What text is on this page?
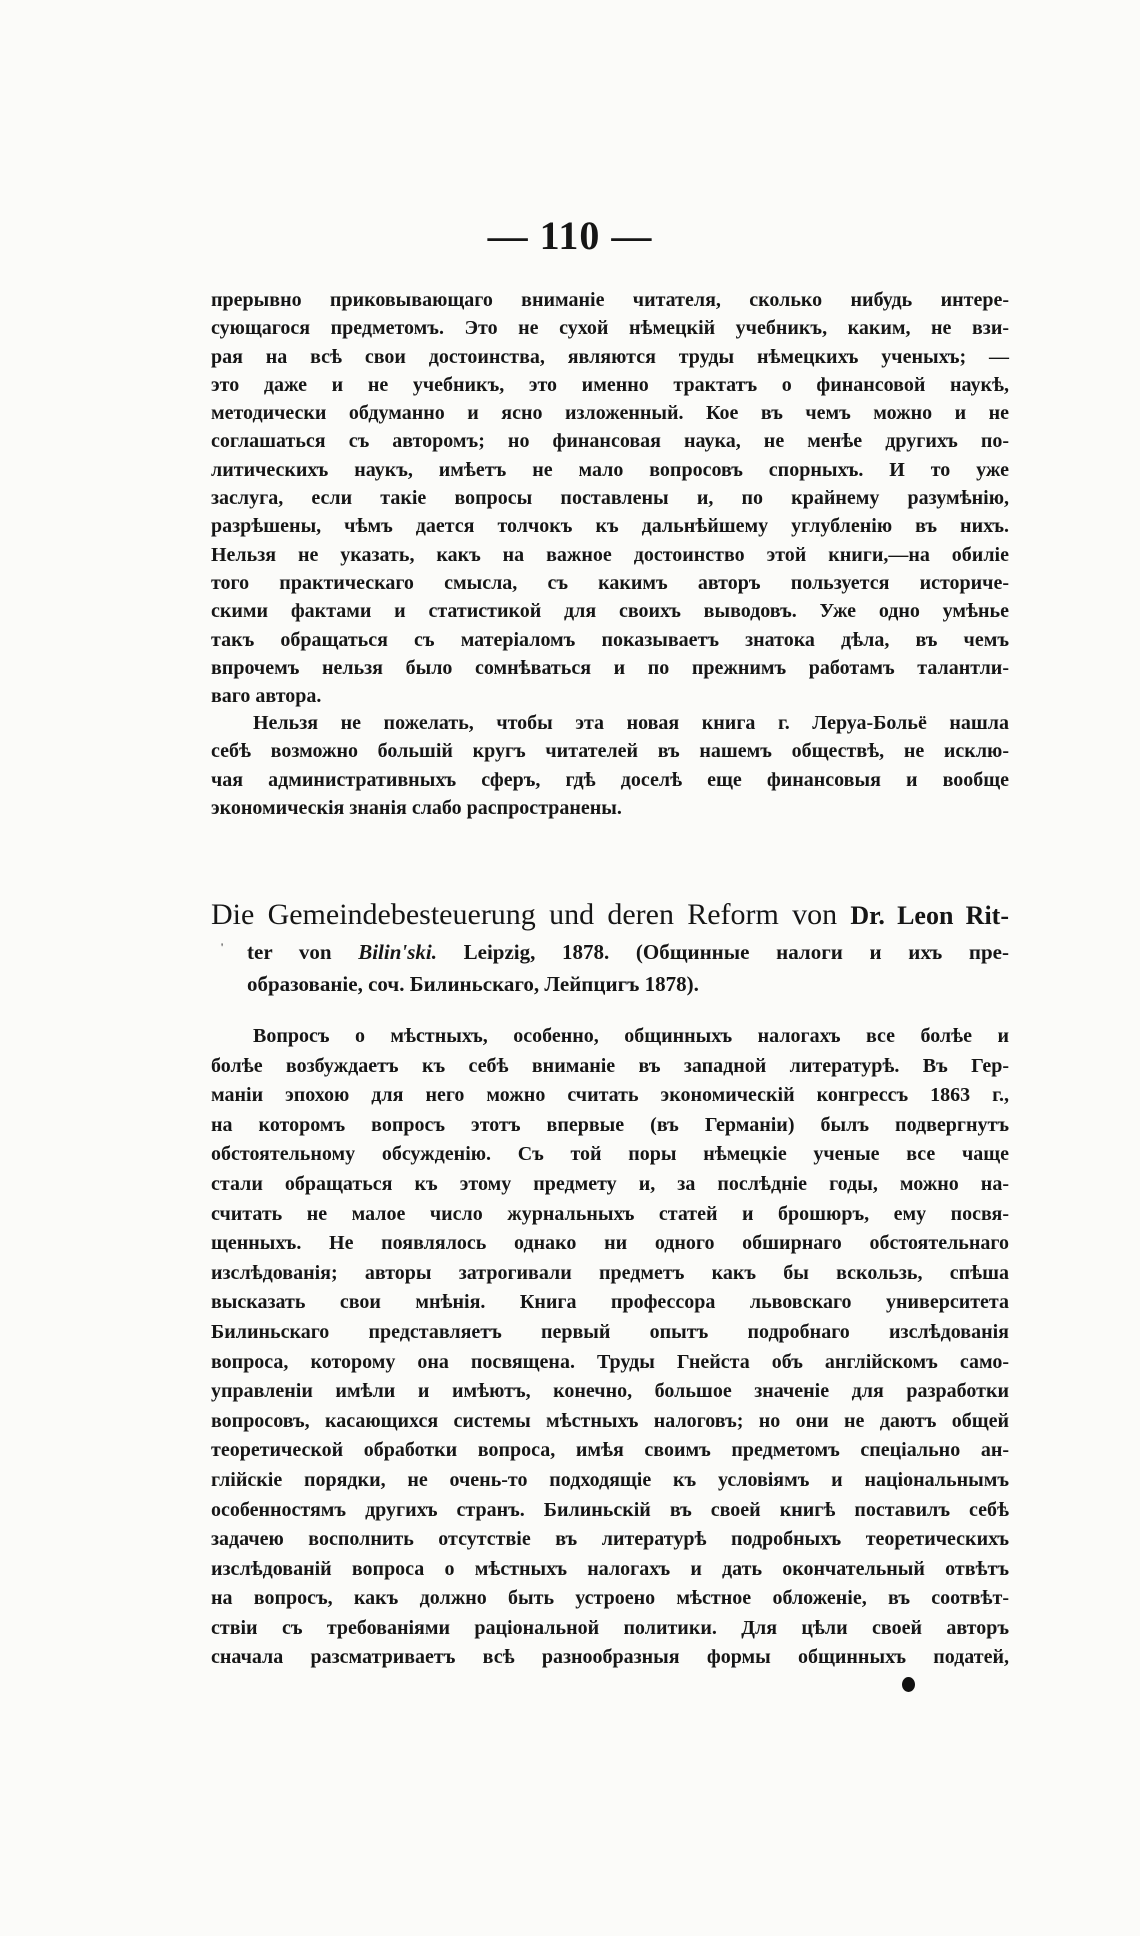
— 110 —
прерывно приковывающаго вниманіе читателя, сколько нибудь интере-
сующагося предметомъ. Это не сухой нѣмецкій учебникъ, каким, не взи-
рая на всѣ свои достоинства, являются труды нѣмецкихъ ученыхъ; —
это даже и не учебникъ, это именно трактатъ о финансовой наукѣ,
методически обдуманно и ясно изложенный. Кое въ чемъ можно и не
соглашаться съ авторомъ; но финансовая наука, не менѣе другихъ по-
литическихъ наукъ, имѣетъ не мало вопросовъ спорныхъ. И то уже
заслуга, если такіе вопросы поставлены и, по крайнему разумѣнію,
разрѣшены, чѣмъ дается толчокъ къ дальнѣйшему углубленію въ нихъ.
Нельзя не указать, какъ на важное достоинство этой книги,—на обиліе
того практическаго смысла, съ какимъ авторъ пользуется историче-
скими фактами и статистикой для своихъ выводовъ. Уже одно умѣнье
такъ обращаться съ матеріаломъ показываетъ знатока дѣла, въ чемъ
впрочемъ нельзя было сомнѣваться и по прежнимъ работамъ талантли-
ваго автора.
Нельзя не пожелать, чтобы эта новая книга г. Леруа-Больё нашла
себѣ возможно большій кругъ читателей въ нашемъ обществѣ, не исклю-
чая административныхъ сферъ, гдѣ доселѣ еще финансовыя и вообще
экономическія знанія слабо распространены.
Die Gemeindebesteuerung und deren Reform von Dr. Leon Rit-
'	ter von Bilin'ski. Leipzig, 1878. (Общинные налоги и ихъ пре-
образованіе, соч. Билиньскаго, Лейпцигъ 1878).
Вопросъ о мѣстныхъ, особенно, общинныхъ налогахъ все болѣе и
болѣе возбуждаетъ къ себѣ вниманіе въ западной литературѣ. Въ Гер-
маніи эпохою для него можно считать экономическій конгрессъ 1863 г.,
на которомъ вопросъ этотъ впервые (въ Германіи) былъ подвергнутъ
обстоятельному обсужденію. Съ той поры нѣмецкіе ученые все чаще
стали обращаться къ этому предмету и, за послѣдніе годы, можно на-
считать не малое число журнальныхъ статей и брошюръ, ему посвя-
щенныхъ. Не появлялось однако ни одного обширнаго обстоятельнаго
изслѣдованія; авторы затрогивали предметъ какъ бы вскользь, спѣша
высказать свои мнѣнія. Книга профессора львовскаго университета
Билиньскаго представляетъ первый опытъ подробнаго изслѣдованія
вопроса, которому она посвящена. Труды Гнейста объ англійскомъ само-
управленіи имѣли и имѣютъ, конечно, большое значеніе для разработки
вопросовъ, касающихся системы мѣстныхъ налоговъ; но они не даютъ общей
теоретической обработки вопроса, имѣя своимъ предметомъ спеціально ан-
глійскіе порядки, не очень-то подходящіе къ условіямъ и національнымъ
особенностямъ другихъ странъ. Билиньскій въ своей книгѣ поставилъ себѣ
задачею восполнить отсутствіе въ литературѣ подробныхъ теоретическихъ
изслѣдованій вопроса о мѣстныхъ налогахъ и дать окончательный отвѣтъ
на вопросъ, какъ должно быть устроено мѣстное обложеніе, въ соотвѣт-
ствіи съ требованіями раціональной политики. Для цѣли своей авторъ
сначала разсматриваетъ всѣ разнообразныя формы общинныхъ податей,
